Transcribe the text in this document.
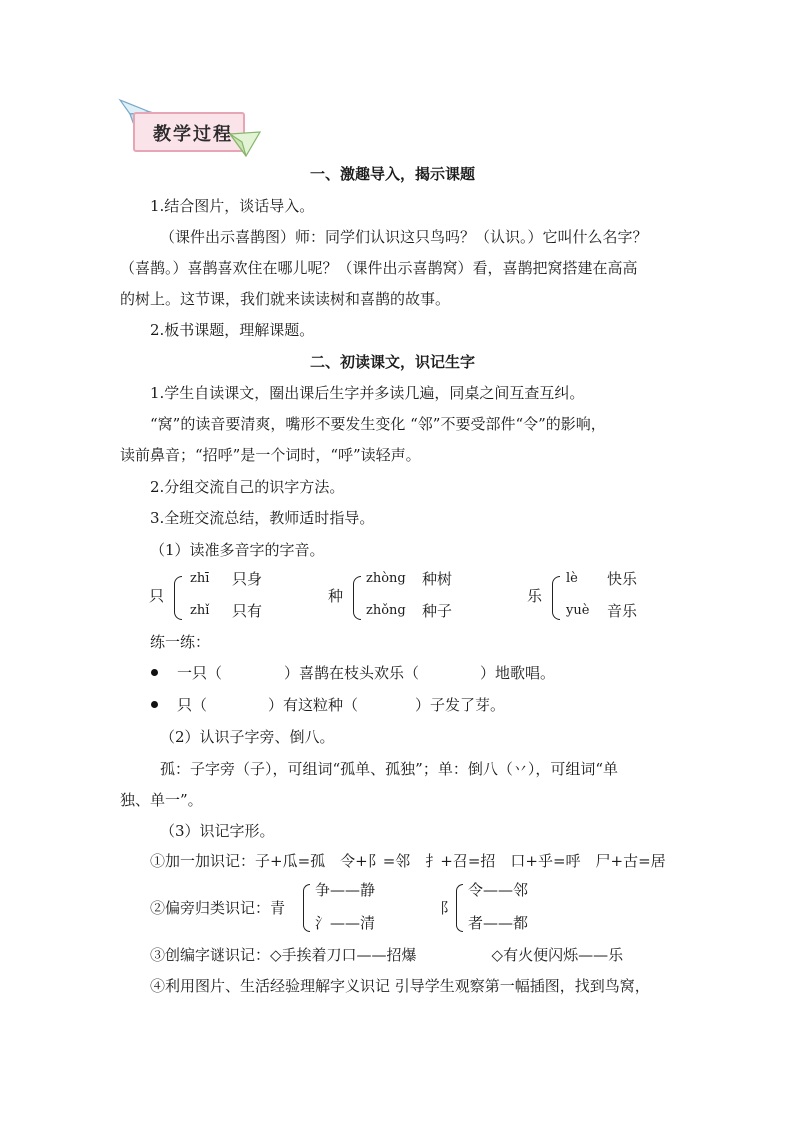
教学过程
一、激趣导入，揭示课题
1.结合图片，谈话导入。
（课件出示喜鹊图）师：同学们认识这只鸟吗？（认识。）它叫什么名字？
（喜鹊。）喜鹊喜欢住在哪儿呢？（课件出示喜鹊窝）看，喜鹊把窝搭建在高高
的树上。这节课，我们就来读读树和喜鹊的故事。
2.板书课题，理解课题。
二、初读课文，识记生字
1.学生自读课文，圈出课后生字并多读几遍，同桌之间互查互纠。
“窝”的读音要清爽，嘴形不要发生变化 “邻”不要受部件“令”的影响，
读前鼻音；“招呼”是一个词时，“呼”读轻声。
2.分组交流自己的识字方法。
3.全班交流总结，教师适时指导。
（1）读准多音字的字音。
只
zhī 只身
zhǐ 只有
种
zhòng 种树
zhǒng 种子
乐
lè 快乐
yuè 音乐
练一练：
一只（	）喜鹊在枝头欢乐（	）地歌唱。
只（	）有这粒种（	）子发了芽。
（2）认识子字旁、倒八。
孤：子字旁（子），可组词“孤单、孤独”；单：倒八（丷），可组词“单
独、单一”。
（3）识记字形。
①加一加识记：子+瓜=孤　令+阝=邻　扌+召=招　口+乎=呼　尸+古=居
②偏旁归类识记：青
争——静
氵——清
阝
令——邻
者——都
③创编字谜识记：◇手挨着刀口——招爆　　　　　◇有火便闪烁——乐
④利用图片、生活经验理解字义识记 引导学生观察第一幅插图，找到鸟窝，
